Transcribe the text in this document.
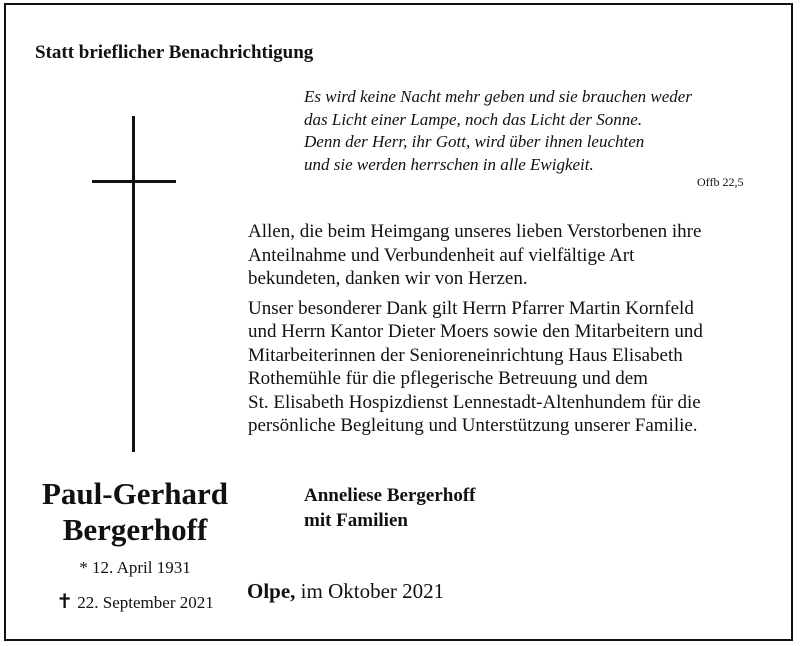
Statt brieflicher Benachrichtigung
Es wird keine Nacht mehr geben und sie brauchen weder
das Licht einer Lampe, noch das Licht der Sonne.
Denn der Herr, ihr Gott, wird über ihnen leuchten
und sie werden herrschen in alle Ewigkeit.
Offb 22,5

Allen, die beim Heimgang unseres lieben Verstorbenen ihre
Anteilnahme und Verbundenheit auf vielfältige Art
bekundeten, danken wir von Herzen.

Unser besonderer Dank gilt Herrn Pfarrer Martin Kornfeld
und Herrn Kantor Dieter Moers sowie den Mitarbeitern und
Mitarbeiterinnen der Senioreneinrichtung Haus Elisabeth
Rothemühle für die pflegerische Betreuung und dem
St. Elisabeth Hospizdienst Lennestadt-Altenhundem für die
persönliche Begleitung und Unterstützung unserer Familie.

Paul-Gerhard
Bergerhoff
* 12. April 1931
✝ 22. September 2021
Anneliese Bergerhoff
mit Familien
Olpe, im Oktober 2021
